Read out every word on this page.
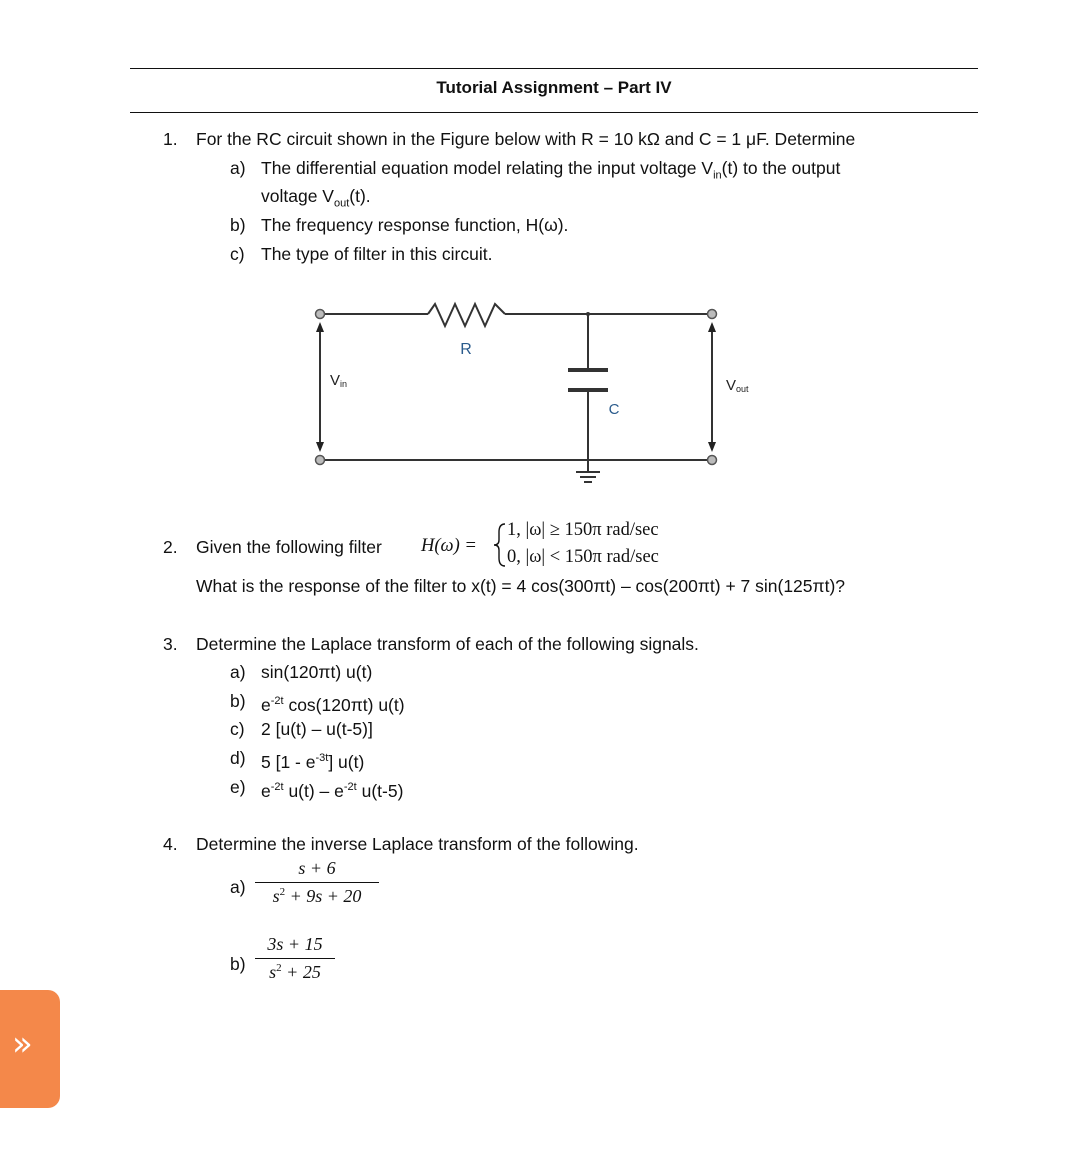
Tutorial Assignment – Part IV
1. For the RC circuit shown in the Figure below with R = 10 kΩ and C = 1 μF. Determine
a) The differential equation model relating the input voltage $V_{in}(t)$ to the output
voltage $V_{out}(t)$.
b) The frequency response function, H(ω).
c) The type of filter in this circuit.
R
C
Vin	Vout
2. Given the following filter H(ω) =
1, |ω| ≥ 150π rad/sec
0, |ω| < 150π rad/sec
What is the response of the filter to x(t) = 4 cos(300πt) – cos(200πt) + 7 sin(125πt)?
3. Determine the Laplace transform of each of the following signals.
a) sin(120πt) u(t)
b) $e^{-2t}$ cos(120πt) u(t)
c) 2 [u(t) – u(t-5)]
d) 5 $[1 - e^{-3t}]$ u(t)
e) $e^{-2t}$ $u(t) - e^{-2t}$ u(t-5)
4. Determine the inverse Laplace transform of the following.
a)
s + 6
$s^2 + 9s + 20$
b)
3s + 15
$s^2 + 25$
»
